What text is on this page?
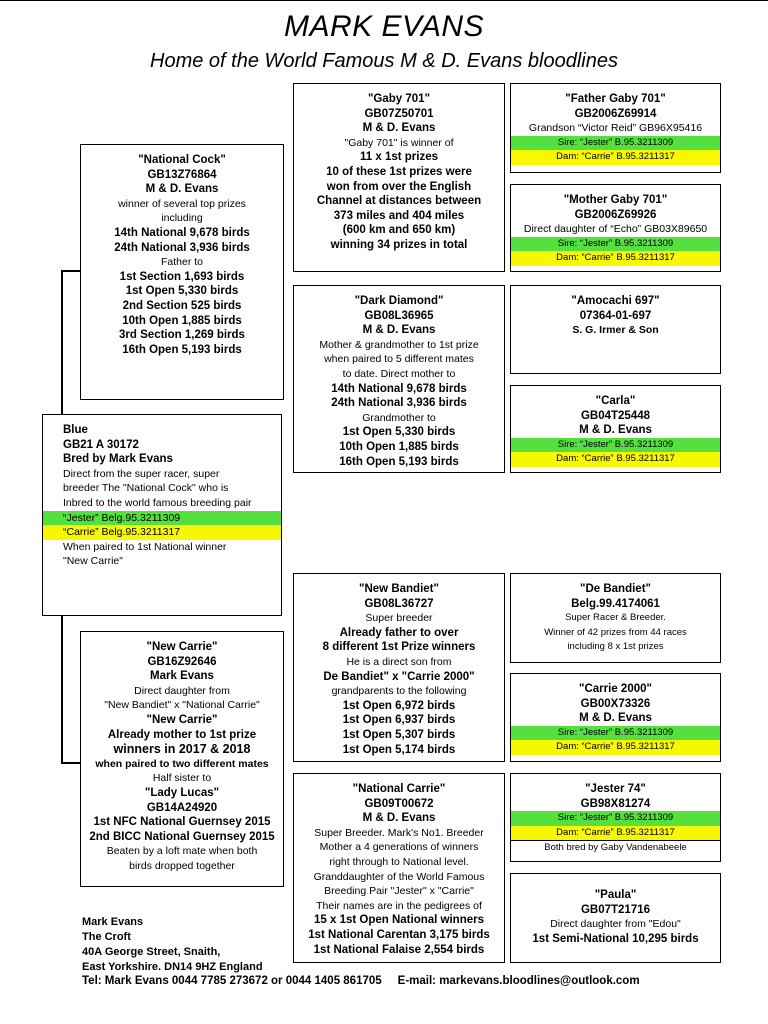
MARK EVANS
Home of the World Famous M & D. Evans bloodlines
Blue
GB21 A 30172
Bred by Mark Evans
Direct from the super racer, super
breeder The "National Cock" who is
Inbred to the world famous breeding pair
“Jester” Belg.95.3211309
“Carrie” Belg.95.3211317
When paired to 1st National winner
"New Carrie"
"National Cock"
GB13Z76864
M & D. Evans
winner of several top prizes
including
14th National 9,678 birds
24th National 3,936 birds
Father to
1st Section 1,693 birds
1st Open 5,330 birds
2nd Section 525 birds
10th Open 1,885 birds
3rd Section 1,269 birds
16th Open 5,193 birds
"New Carrie"
GB16Z92646
Mark Evans
Direct daughter from
"New Bandiet" x "National Carrie"
"New Carrie"
Already mother to 1st prize
winners in 2017 & 2018
when paired to two different mates
Half sister to
"Lady Lucas"
GB14A24920
1st NFC National Guernsey 2015
2nd BICC National Guernsey 2015
Beaten by a loft mate when both
birds dropped together
"Gaby 701"
GB07Z50701
M & D. Evans
"Gaby 701" is winner of
11 x 1st prizes
10 of these 1st prizes were
won from over the English
Channel at distances between
373 miles and 404 miles
(600 km and 650 km)
winning 34 prizes in total
"Dark Diamond"
GB08L36965
M & D. Evans
Mother & grandmother to 1st prize
when paired to 5 different mates
to date. Direct mother to
14th National 9,678 birds
24th National 3,936 birds
Grandmother to
1st Open 5,330 birds
10th Open 1,885 birds
16th Open 5,193 birds
"New Bandiet"
GB08L36727
Super breeder
Already father to over
8 different 1st Prize winners
He is a direct son from
De Bandiet" x "Carrie 2000"
grandparents to the following
1st Open 6,972 birds
1st Open 6,937 birds
1st Open 5,307 birds
1st Open 5,174 birds
"National Carrie"
GB09T00672
M & D. Evans
Super Breeder. Mark's No1. Breeder
Mother a 4 generations of winners
right through to National level.
Granddaughter of the World Famous
Breeding Pair "Jester" x "Carrie"
Their names are in the pedigrees of
15 x 1st Open National winners
1st National Carentan 3,175 birds
1st National Falaise 2,554 birds
"Father Gaby 701"
GB2006Z69914
Grandson “Victor Reid” GB96X95416
Sire: “Jester” B.95.3211309
Dam: “Carrie” B.95.3211317
"Mother Gaby 701"
GB2006Z69926
Direct daughter of “Echo” GB03X89650
Sire: “Jester” B.95.3211309
Dam: “Carrie” B.95.3211317
"Amocachi 697"
07364-01-697
S. G. Irmer & Son
"Carla"
GB04T25448
M & D. Evans
Sire: “Jester” B.95.3211309
Dam: “Carrie” B.95.3211317
"De Bandiet"
Belg.99.4174061
Super Racer & Breeder.
Winner of 42 prizes from 44 races
including 8 x 1st prizes
"Carrie 2000"
GB00X73326
M & D. Evans
Sire: “Jester” B.95.3211309
Dam: “Carrie” B.95.3211317
"Jester 74"
GB98X81274
Sire: “Jester” B.95.3211309
Dam: “Carrie” B.95.3211317
Both bred by Gaby Vandenabeele
"Paula"
GB07T21716
Direct daughter from "Edou"
1st Semi-National 10,295 birds
Mark Evans
The Croft
40A George Street, Snaith,
East Yorkshire. DN14 9HZ England
Tel: Mark Evans 0044 7785 273672 or 0044 1405 861705 E-mail: markevans.bloodlines@outlook.com
